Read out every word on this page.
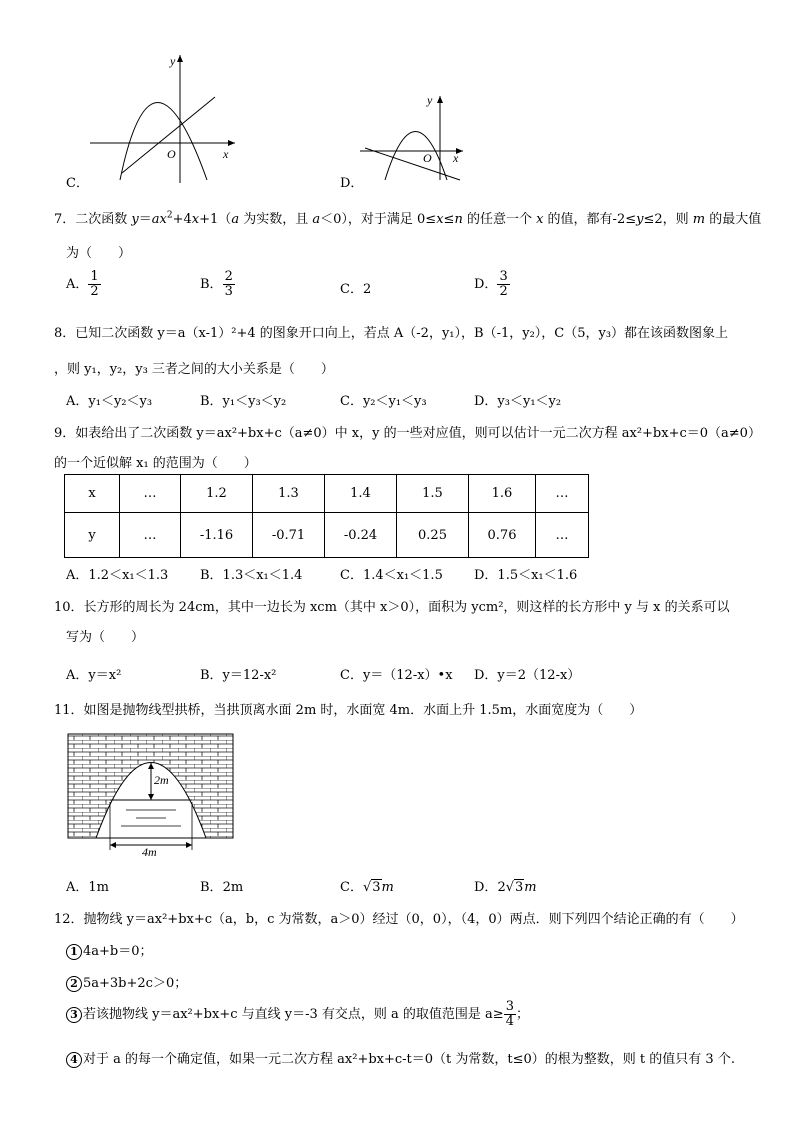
x
y
O
C．
x
y
O
D．
7．二次函数 $y=ax^2+4x+1(a$ 为实数，且 a＜0），对于满足 0≤x≤n 的任意一个 x 的值，都有-2≤y≤2，则 m 的最大值
为（　　）
A． $\frac{1}{2}$	B． $\frac{2}{3}$	C．2	D． $\frac{3}{2}$
8．已知二次函数 y＝a（x-1）²+4 的图象开口向上，若点 A（-2，y₁），B（-1，y₂），C（5，y₃）都在该函数图象上
，则 y₁，y₂，y₃ 三者之间的大小关系是（　　）
A．y₁＜y₂＜y₃	B．y₁＜y₃＜y₂	C．y₂＜y₁＜y₃	D．y₃＜y₁＜y₂
9．如表给出了二次函数 y＝ax²+bx+c（a≠0）中 x，y 的一些对应值，则可以估计一元二次方程 ax²+bx+c＝0（a≠0）
的一个近似解 x₁ 的范围为（　　）
x	…	1.2	1.3	1.4	1.5	1.6	…
y	…	-1.16	-0.71	-0.24	0.25	0.76	…
A．1.2＜x₁＜1.3 B．1.3＜x₁＜1.4	C．1.4＜x₁＜1.5 D．1.5＜x₁＜1.6
10．长方形的周长为 24cm，其中一边长为 xcm（其中 x＞0），面积为 ycm²，则这样的长方形中 y 与 x 的关系可以
写为（　　）
A．y＝x²	B．y＝12-x²	C．y＝（12-x）•x D．y＝2（12-x）
11．如图是抛物线型拱桥，当拱顶离水面 2m 时，水面宽 4m．水面上升 1.5m，水面宽度为（　　）
2m
4m
A．1m	B．2m	C．√3m	D．2√3m
12．抛物线 y＝ax²+bx+c（a，b，c 为常数，a＞0）经过（0，0），（4，0）两点．则下列四个结论正确的有（　　）
1 4a+b＝0；
2 5a+3b+2c＞0；
3 若该抛物线 y＝ax²+bx+c 与直线 y＝-3 有交点，则 a 的取值范围是 $a\ge \frac{3}{4}$ ；
4 对于 a 的每一个确定值，如果一元二次方程 ax²+bx+c-t＝0（t 为常数，t≤0）的根为整数，则 t 的值只有 3 个.
